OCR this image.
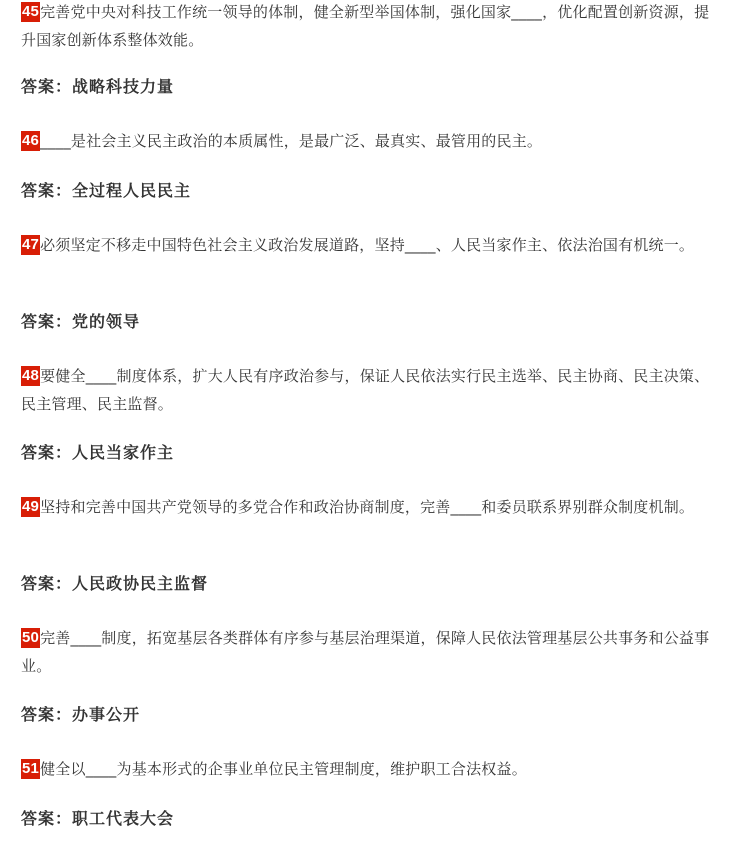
45完善党中央对科技工作统一领导的体制，健全新型举国体制，强化国家____，优化配置创新资源，提升国家创新体系整体效能。

答案：战略科技力量

46____是社会主义民主政治的本质属性，是最广泛、最真实、最管用的民主。

答案：全过程人民民主

47必须坚定不移走中国特色社会主义政治发展道路，坚持____、人民当家作主、依法治国有机统一。

答案：党的领导

48要健全____制度体系，扩大人民有序政治参与，保证人民依法实行民主选举、民主协商、民主决策、民主管理、民主监督。

答案：人民当家作主

49坚持和完善中国共产党领导的多党合作和政治协商制度，完善____和委员联系界别群众制度机制。

答案：人民政协民主监督

50完善____制度，拓宽基层各类群体有序参与基层治理渠道，保障人民依法管理基层公共事务和公益事业。

答案：办事公开

51健全以____为基本形式的企事业单位民主管理制度，维护职工合法权益。

答案：职工代表大会
